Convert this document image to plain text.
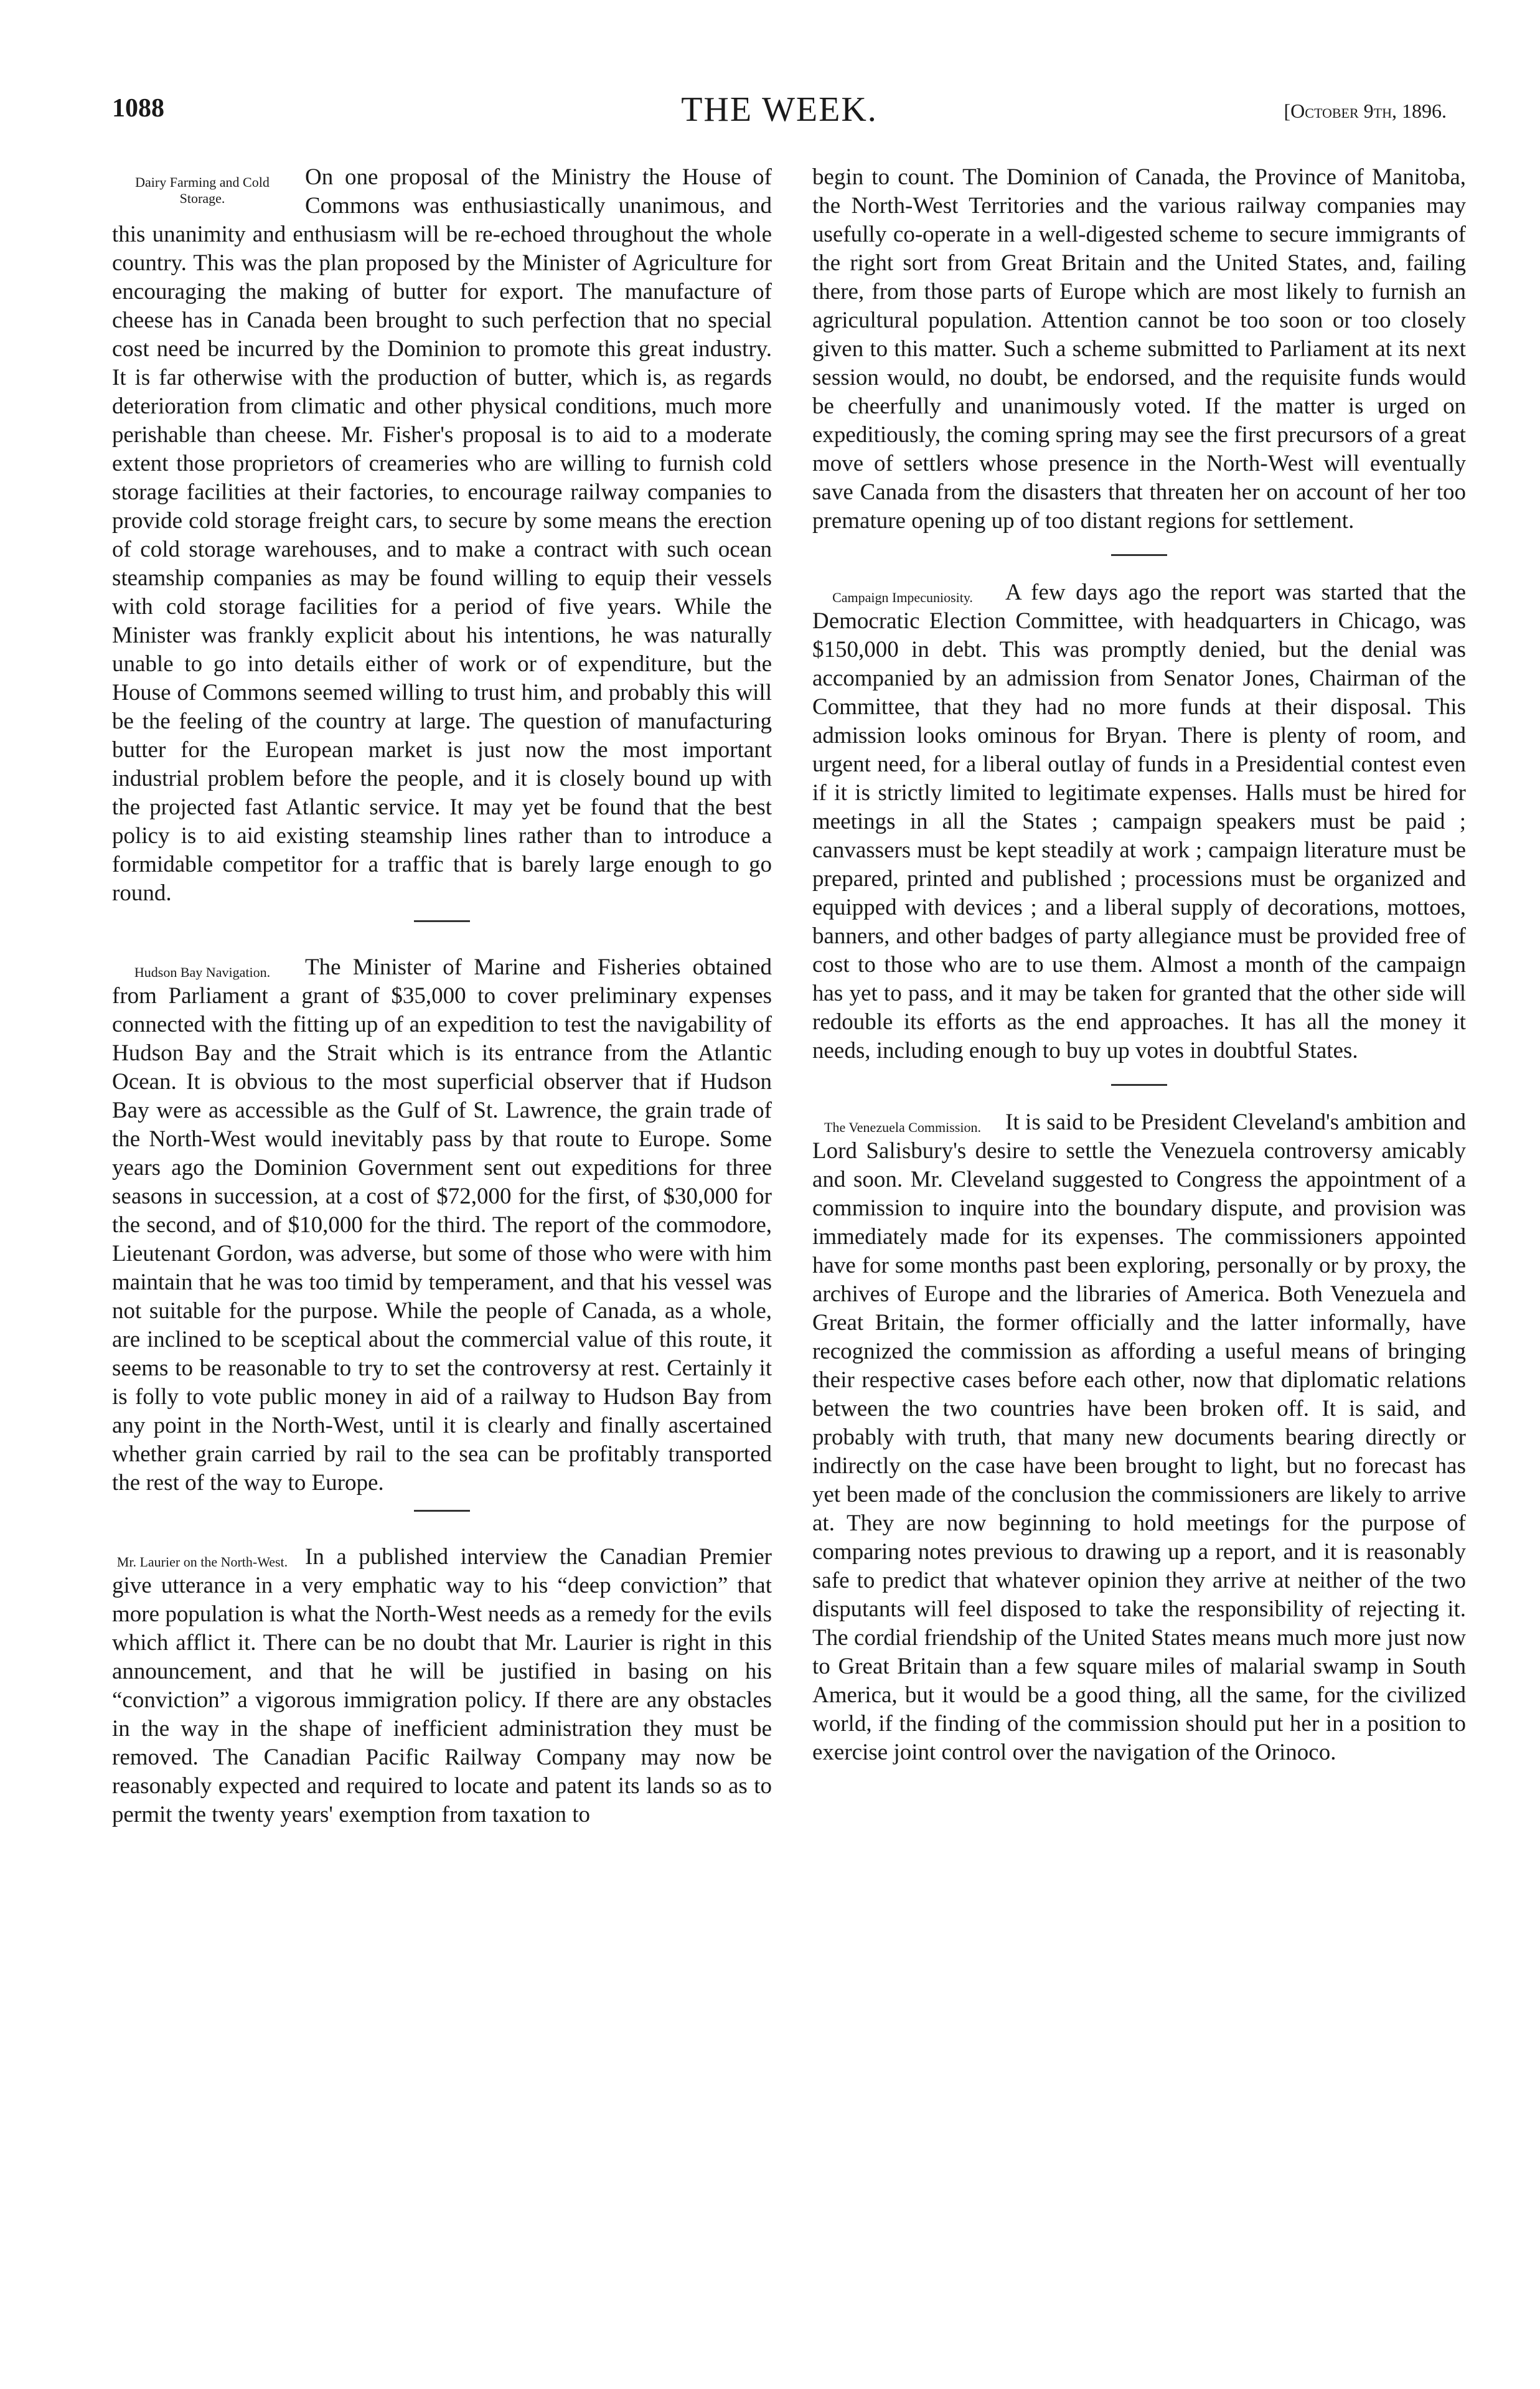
1088	THE WEEK.	[October 9th, 1896.
Dairy Farming and Cold Storage.
On one proposal of the Ministry the House of Commons was enthusiastically unanimous, and this unanimity and enthusiasm will be re-echoed throughout the whole country. This was the plan proposed by the Minister of Agriculture for encouraging the making of butter for export. The manufacture of cheese has in Canada been brought to such perfection that no special cost need be incurred by the Dominion to promote this great industry. It is far otherwise with the production of butter, which is, as regards deterioration from climatic and other physical conditions, much more perishable than cheese. Mr. Fisher's proposal is to aid to a moderate extent those proprietors of creameries who are willing to furnish cold storage facilities at their factories, to encourage railway companies to provide cold storage freight cars, to secure by some means the erection of cold storage warehouses, and to make a contract with such ocean steamship companies as may be found willing to equip their vessels with cold storage facilities for a period of five years. While the Minister was frankly explicit about his intentions, he was naturally unable to go into details either of work or of expenditure, but the House of Commons seemed willing to trust him, and probably this will be the feeling of the country at large. The question of manufacturing butter for the European market is just now the most important industrial problem before the people, and it is closely bound up with the projected fast Atlantic service. It may yet be found that the best policy is to aid existing steamship lines rather than to introduce a formidable competitor for a traffic that is barely large enough to go round.
Hudson Bay Navigation.	The Minister of Marine and Fisheries obtained from Parliament a grant of $35,000 to cover preliminary expenses connected with the fitting up of an expedition to test the navigability of Hudson Bay and the Strait which is its entrance from the Atlantic Ocean. It is obvious to the most superficial observer that if Hudson Bay were as accessible as the Gulf of St. Lawrence, the grain trade of the North-West would inevitably pass by that route to Europe. Some years ago the Dominion Government sent out expeditions for three seasons in succession, at a cost of $72,000 for the first, of $30,000 for the second, and of $10,000 for the third. The report of the commodore, Lieutenant Gordon, was adverse, but some of those who were with him maintain that he was too timid by temperament, and that his vessel was not suitable for the purpose. While the people of Canada, as a whole, are inclined to be sceptical about the commercial value of this route, it seems to be reasonable to try to set the controversy at rest. Certainly it is folly to vote public money in aid of a railway to Hudson Bay from any point in the North-West, until it is clearly and finally ascertained whether grain carried by rail to the sea can be profitably transported the rest of the way to Europe.
Mr. Laurier on the North-West. In a published interview the Canadian Premier give utterance in a very emphatic way to his “deep conviction” that more population is what the North-West needs as a remedy for the evils which afflict it. There can be no doubt that Mr. Laurier is right in this announcement, and that he will be justified in basing on his “conviction” a vigorous immigration policy. If there are any obstacles in the way in the shape of inefficient administration they must be removed. The Canadian Pacific Railway Company may now be reasonably expected and required to locate and patent its lands so as to permit the twenty years' exemption from taxation to
begin to count. The Dominion of Canada, the Province of Manitoba, the North-West Territories and the various railway companies may usefully co-operate in a well-digested scheme to secure immigrants of the right sort from Great Britain and the United States, and, failing there, from those parts of Europe which are most likely to furnish an agricultural population. Attention cannot be too soon or too closely given to this matter. Such a scheme submitted to Parliament at its next session would, no doubt, be endorsed, and the requisite funds would be cheerfully and unanimously voted. If the matter is urged on expeditiously, the coming spring may see the first precursors of a great move of settlers whose presence in the North-West will eventually save Canada from the disasters that threaten her on account of her too premature opening up of too distant regions for settlement.
Campaign Impecuniosity.	A few days ago the report was started that the Democratic Election Committee, with headquarters in Chicago, was $150,000 in debt. This was promptly denied, but the denial was accompanied by an admission from Senator Jones, Chairman of the Committee, that they had no more funds at their disposal. This admission looks ominous for Bryan. There is plenty of room, and urgent need, for a liberal outlay of funds in a Presidential contest even if it is strictly limited to legitimate expenses. Halls must be hired for meetings in all the States ; campaign speakers must be paid ; canvassers must be kept steadily at work ; campaign literature must be prepared, printed and published ; processions must be organized and equipped with devices ; and a liberal supply of decorations, mottoes, banners, and other badges of party allegiance must be provided free of cost to those who are to use them. Almost a month of the campaign has yet to pass, and it may be taken for granted that the other side will redouble its efforts as the end approaches. It has all the money it needs, including enough to buy up votes in doubtful States.
The Venezuela Commission.	It is said to be President Cleveland's ambition and Lord Salisbury's desire to settle the Venezuela controversy amicably and soon. Mr. Cleveland suggested to Congress the appointment of a commission to inquire into the boundary dispute, and provision was immediately made for its expenses. The commissioners appointed have for some months past been exploring, personally or by proxy, the archives of Europe and the libraries of America. Both Venezuela and Great Britain, the former officially and the latter informally, have recognized the commission as affording a useful means of bringing their respective cases before each other, now that diplomatic relations between the two countries have been broken off. It is said, and probably with truth, that many new documents bearing directly or indirectly on the case have been brought to light, but no forecast has yet been made of the conclusion the commissioners are likely to arrive at. They are now beginning to hold meetings for the purpose of comparing notes previous to drawing up a report, and it is reasonably safe to predict that whatever opinion they arrive at neither of the two disputants will feel disposed to take the responsibility of rejecting it. The cordial friendship of the United States means much more just now to Great Britain than a few square miles of malarial swamp in South America, but it would be a good thing, all the same, for the civilized world, if the finding of the commission should put her in a position to exercise joint control over the navigation of the Orinoco.
